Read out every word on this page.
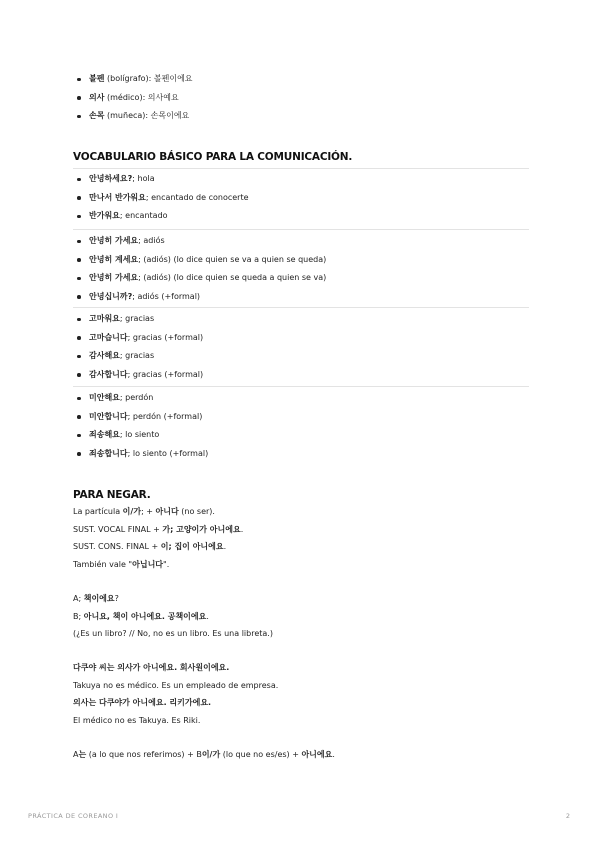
볼펜 (bolígrafo): 볼펜이에요
의사 (médico): 의사예요
손목 (muñeca): 손목이에요
VOCABULARIO BÁSICO PARA LA COMUNICACIÓN.
안녕하세요?; hola
만나서 반가워요; encantado de conocerte
반가워요; encantado
안녕히 가세요; adiós
안녕히 계세요; (adiós) (lo dice quien se va a quien se queda)
안녕히 가세요; (adiós) (lo dice quien se queda a quien se va)
안녕십니까?; adiós (+formal)
고마워요; gracias
고마습니다; gracias (+formal)
감사해요; gracias
감사합니다; gracias (+formal)
미안해요; perdón
미안합니다; perdón (+formal)
죄송해요; lo siento
죄송합니다; lo siento (+formal)
PARA NEGAR.

La partícula 이/가; + 아니다 (no ser).

SUST. VOCAL FINAL + 가; 고양이가 아니에요.

SUST. CONS. FINAL + 이; 집이 아니에요.

También vale "아닙니다".

A; 책이에요?

B; 아니요, 책이 아니에요. 공책이에요.

(¿Es un libro? // No, no es un libro. Es una libreta.)

다쿠야 씨는 의사가 아니에요. 회사원이에요.

Takuya no es médico. Es un empleado de empresa.

의사는 다쿠야가 아니에요. 리키가에요.

El médico no es Takuya. Es Riki.

A는 (a lo que nos referimos) + B이/가 (lo que no es/es) + 아니에요.

PRÁCTICA DE COREANO I	2
